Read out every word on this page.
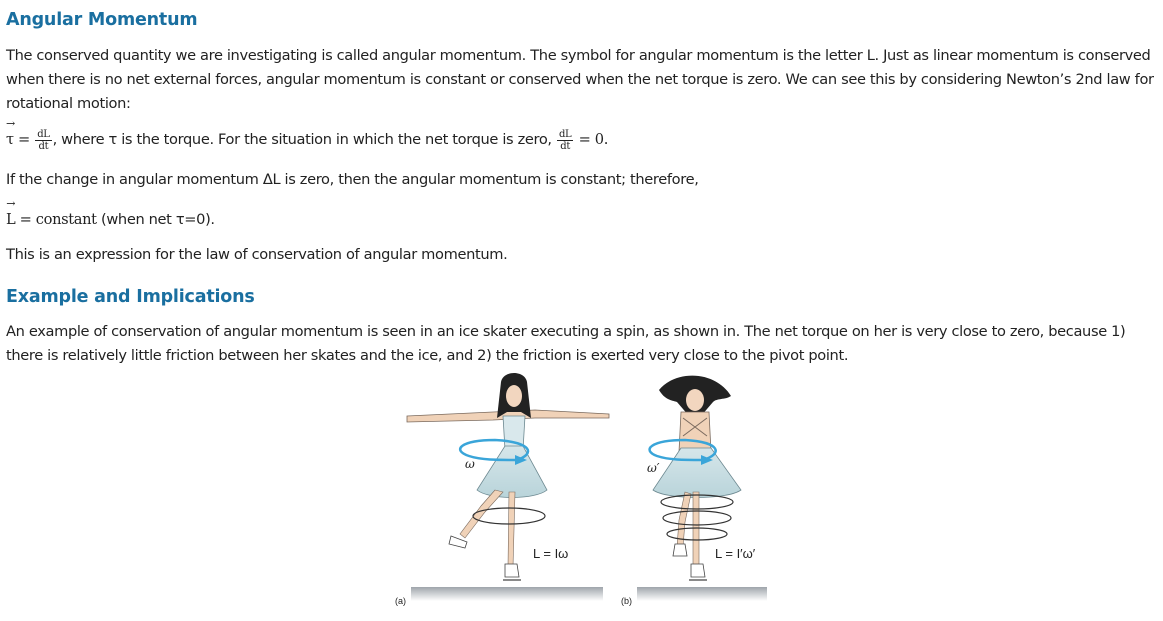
Angular Momentum

The conserved quantity we are investigating is called angular momentum. The symbol for angular momentum is the letter L. Just as linear momentum is conserved when there is no net external forces, angular momentum is constant or conserved when the net torque is zero. We can see this by considering Newton’s 2nd law for rotational motion:

→
$\tau = \frac{dL}{dt}$ , where τ is the torque. For the situation in which the net torque is zero, $\frac{dL}{dt} = 0$.

If the change in angular momentum ΔL is zero, then the angular momentum is constant; therefore,

→
L = constant (when net τ=0).

This is an expression for the law of conservation of angular momentum.

Example and Implications

An example of conservation of angular momentum is seen in an ice skater executing a spin, as shown in. The net torque on her is very close to zero, because 1) there is relatively little friction between her skates and the ice, and 2) the friction is exerted very close to the pivot point.

ω
L = Iω
(a)
ω′
L = I′ω′
(b)
